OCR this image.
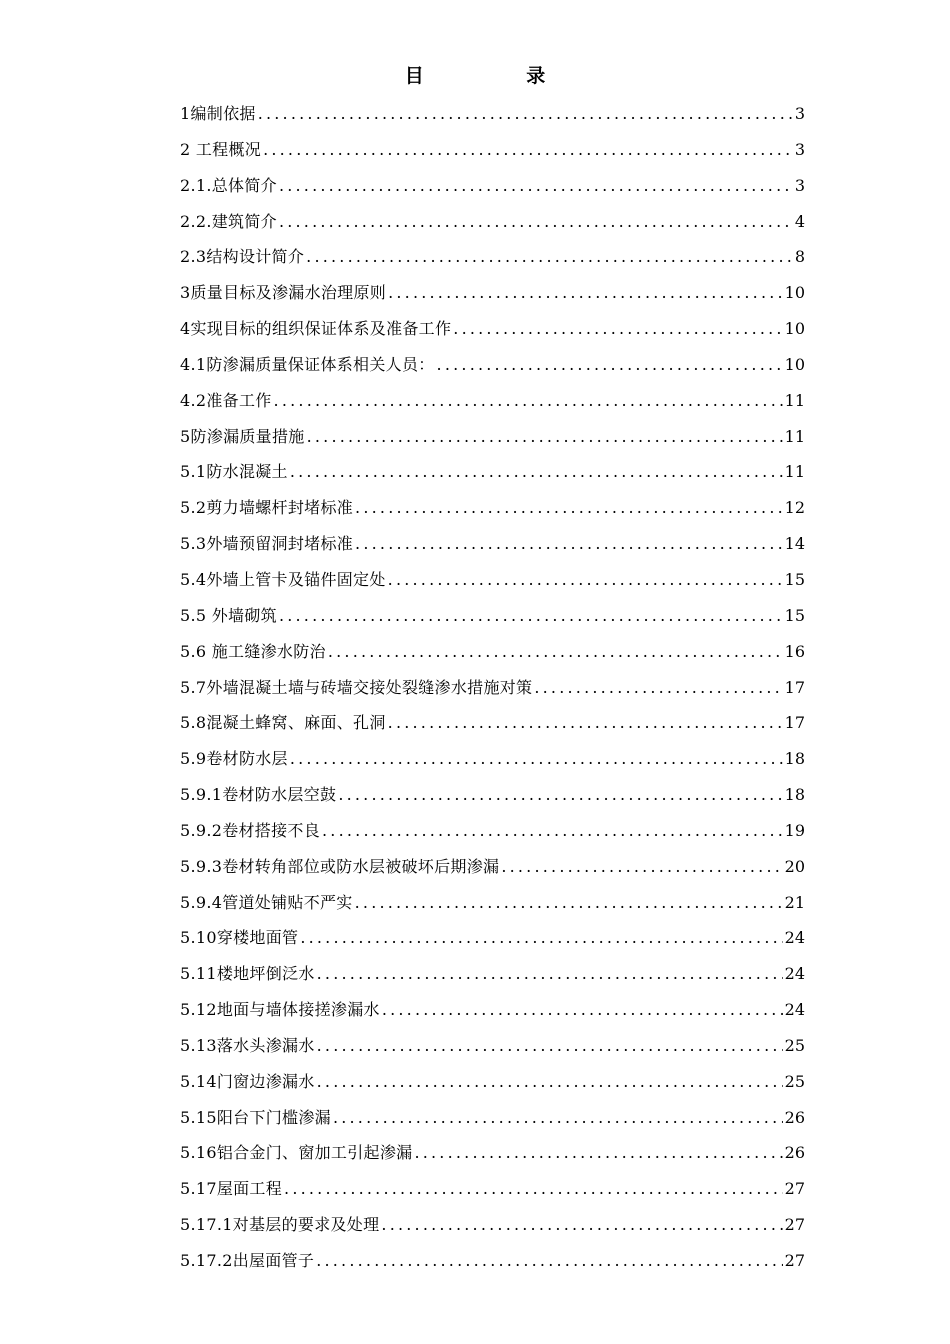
目 录
1编制依据 .....	3
2 工程概况 .....	3
2.1.总体简介 .....	3
2.2.建筑简介 .....	4
2.3结构设计简介 .....	8
3质量目标及渗漏水治理原则 .....	10
4实现目标的组织保证体系及准备工作 .....	10
4.1防渗漏质量保证体系相关人员： .....	10
4.2准备工作 .....	11
5防渗漏质量措施 .....	11
5.1防水混凝土 .....	11
5.2剪力墙螺杆封堵标准 .....	12
5.3外墙预留洞封堵标准 .....	14
5.4外墙上管卡及锚件固定处 .....	15
5.5 外墙砌筑 .....	15
5.6 施工缝渗水防治 .....	16
5.7外墙混凝土墙与砖墙交接处裂缝渗水措施对策 .....	17
5.8混凝土蜂窝、麻面、孔洞 .....	17
5.9卷材防水层 .....	18
5.9.1卷材防水层空鼓 .....	18
5.9.2卷材搭接不良 .....	19
5.9.3卷材转角部位或防水层被破坏后期渗漏 .....	20
5.9.4管道处铺贴不严实 .....	21
5.10穿楼地面管 .....	24
5.11楼地坪倒泛水 .....	24
5.12地面与墙体接搓渗漏水 .....	24
5.13落水头渗漏水 .....	25
5.14门窗边渗漏水 .....	25
5.15阳台下门槛渗漏 .....	26
5.16铝合金门、窗加工引起渗漏 .....	26
5.17屋面工程 .....	27
5.17.1对基层的要求及处理 .....	27
5.17.2出屋面管子 .....	27
